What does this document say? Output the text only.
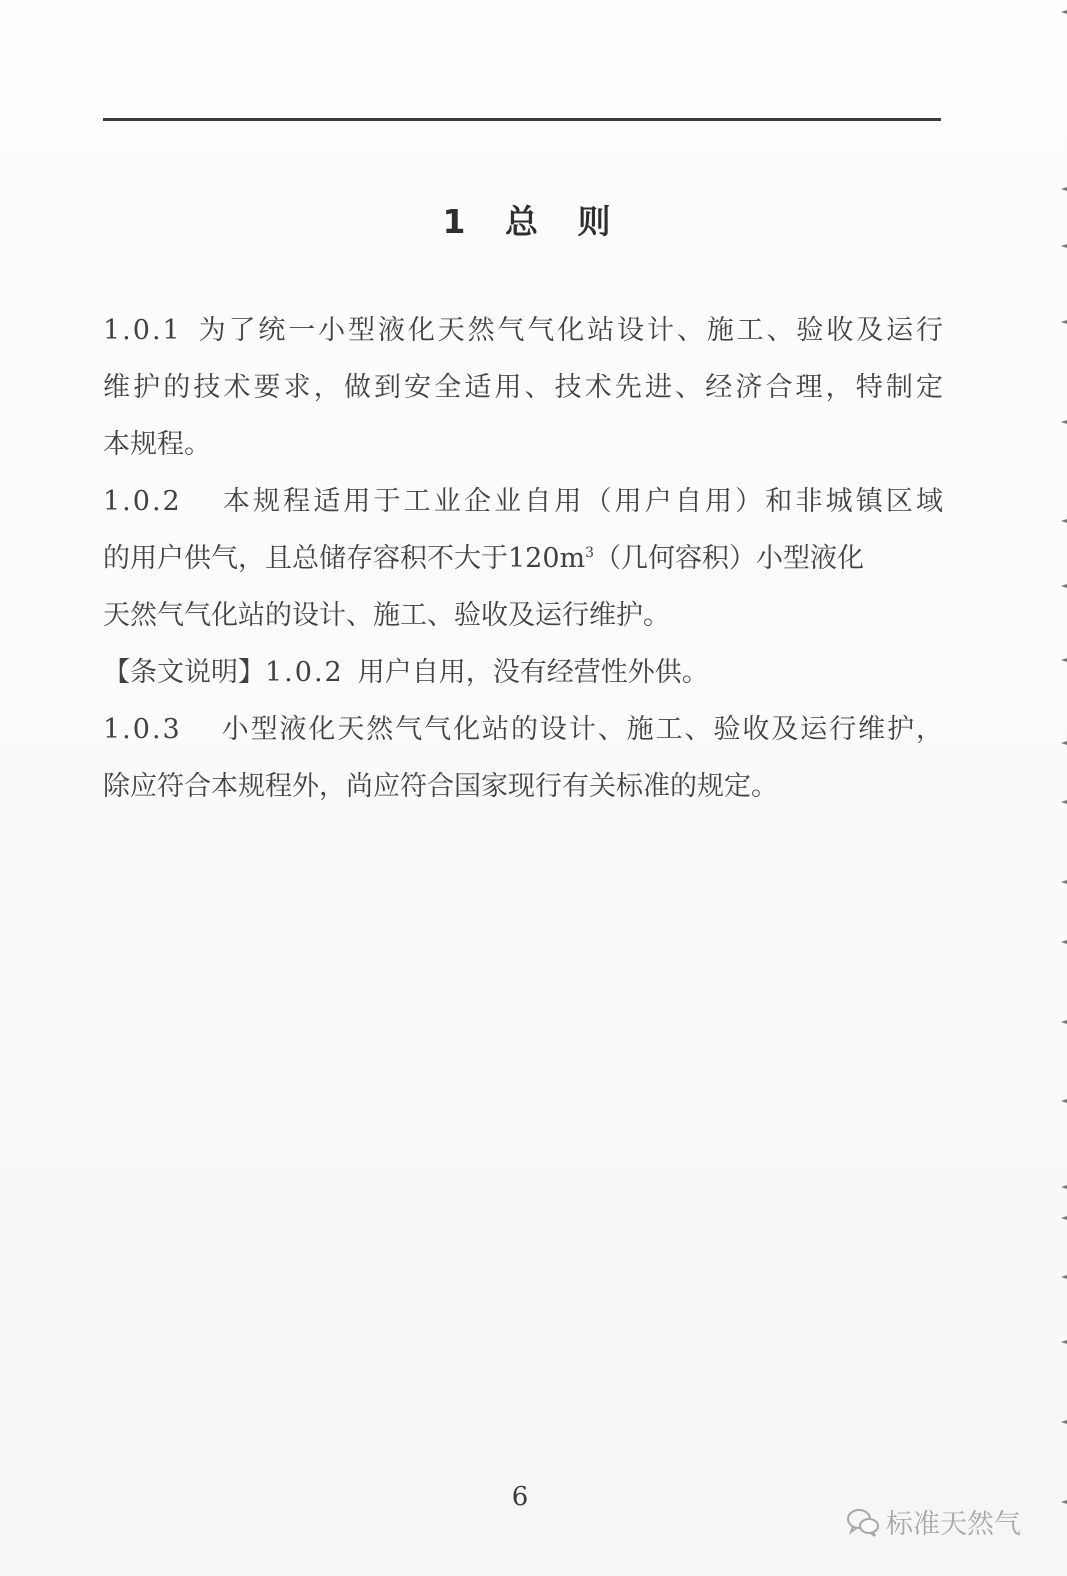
1 总 则
1.0.1 为了统一小型液化天然气气化站设计、施工、验收及运行
维护的技术要求，做到安全适用、技术先进、经济合理，特制定
本规程。
1.0.2 本规程适用于工业企业自用（用户自用）和非城镇区域
的用户供气，且总储存容积不大于$120m^3$（几何容积）小型液化
天然气气化站的设计、施工、验收及运行维护。
【条文说明】1.0.2 用户自用，没有经营性外供。
1.0.3 小型液化天然气气化站的设计、施工、验收及运行维护，
除应符合本规程外，尚应符合国家现行有关标准的规定。
6
标准天然气
